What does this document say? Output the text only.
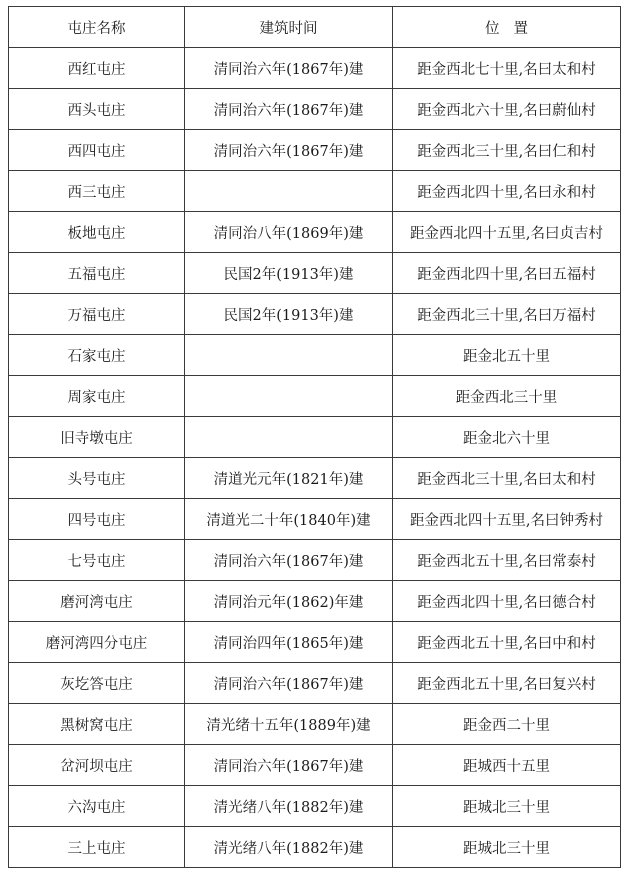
屯庄名称	建筑时间	位置
西红屯庄	清同治六年(1867年)建	距金西北七十里,名曰太和村
西头屯庄	清同治六年(1867年)建	距金西北六十里,名曰蔚仙村
西四屯庄	清同治六年(1867年)建	距金西北三十里,名曰仁和村
西三屯庄		距金西北四十里,名曰永和村
板地屯庄	清同治八年(1869年)建	距金西北四十五里,名曰贞吉村
五福屯庄	民国2年(1913年)建	距金西北四十里,名曰五福村
万福屯庄	民国2年(1913年)建	距金西北三十里,名曰万福村
石家屯庄		距金北五十里
周家屯庄		距金西北三十里
旧寺墩屯庄		距金北六十里
头号屯庄	清道光元年(1821年)建	距金西北三十里,名曰太和村
四号屯庄	清道光二十年(1840年)建	距金西北四十五里,名曰钟秀村
七号屯庄	清同治六年(1867年)建	距金西北五十里,名曰常泰村
磨河湾屯庄	清同治元年(1862)年建	距金西北四十里,名曰德合村
磨河湾四分屯庄	清同治四年(1865年)建	距金西北五十里,名曰中和村
灰圪答屯庄	清同治六年(1867年)建	距金西北五十里,名曰复兴村
黑树窝屯庄	清光绪十五年(1889年)建	距金西二十里
岔河坝屯庄	清同治六年(1867年)建	距城西十五里
六沟屯庄	清光绪八年(1882年)建	距城北三十里
三上屯庄	清光绪八年(1882年)建	距城北三十里
